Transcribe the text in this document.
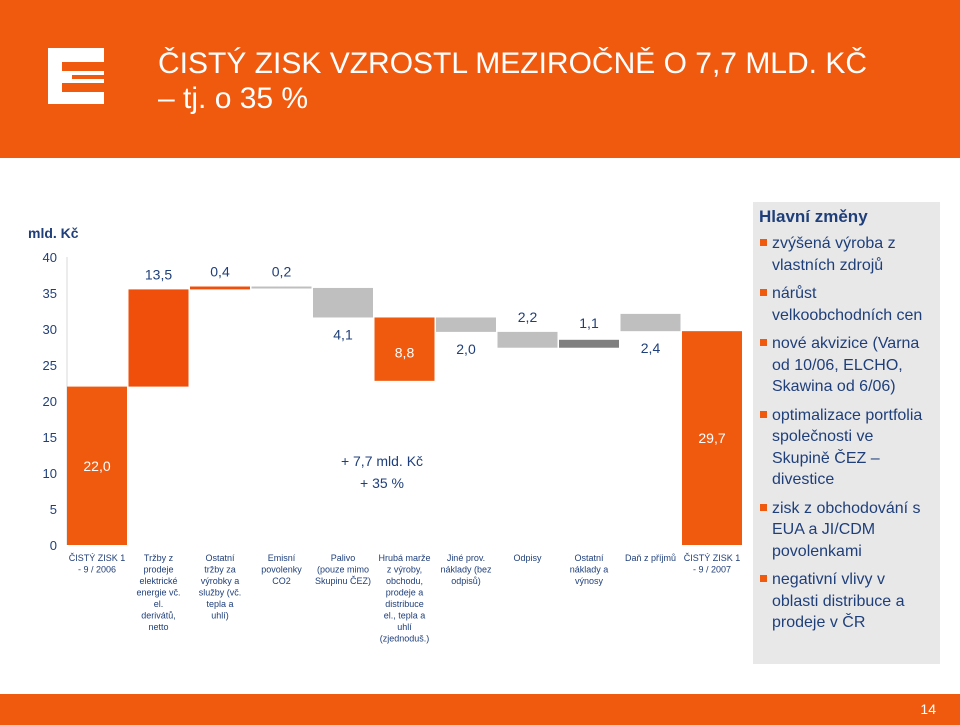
ČISTÝ ZISK VZROSTL MEZIROČNĚ O 7,7 MLD. KČ
– tj. o 35 %
mld. Kč
0
5
10
15
20
25
30
35
40
22,0
13,5	0,4	0,2
4,1
8,8	2,0
2,2	1,1
2,4
29,7
ČISTÝ ZISK 1 - 9 / 2006
Tržby z prodeje elektrické energie vč. el. derivátů, netto
Ostatní tržby za výrobky a služby (vč. tepla a uhlí)
Emisní povolenky CO2
Palivo (pouze mimo Skupinu ČEZ)
Hrubá marže z výroby, obchodu, prodeje a distribuce el., tepla a uhlí (zjednoduš.)
Jiné prov. náklady (bez odpisů)
Odpisy	Ostatní náklady a výnosy
Daň z příjmů ČISTÝ ZISK 1 - 9 / 2007
+ 7,7 mld. Kč
+ 35 %
Hlavní změny
zvýšená výroba z vlastních zdrojů
nárůst velkoobchodních cen
nové akvizice (Varna od 10/06, ELCHO, Skawina od 6/06)
optimalizace portfolia společnosti ve Skupině ČEZ – divestice
zisk z obchodování s EUA a JI/CDM povolenkami
negativní vlivy v oblasti distribuce a prodeje v ČR
14
